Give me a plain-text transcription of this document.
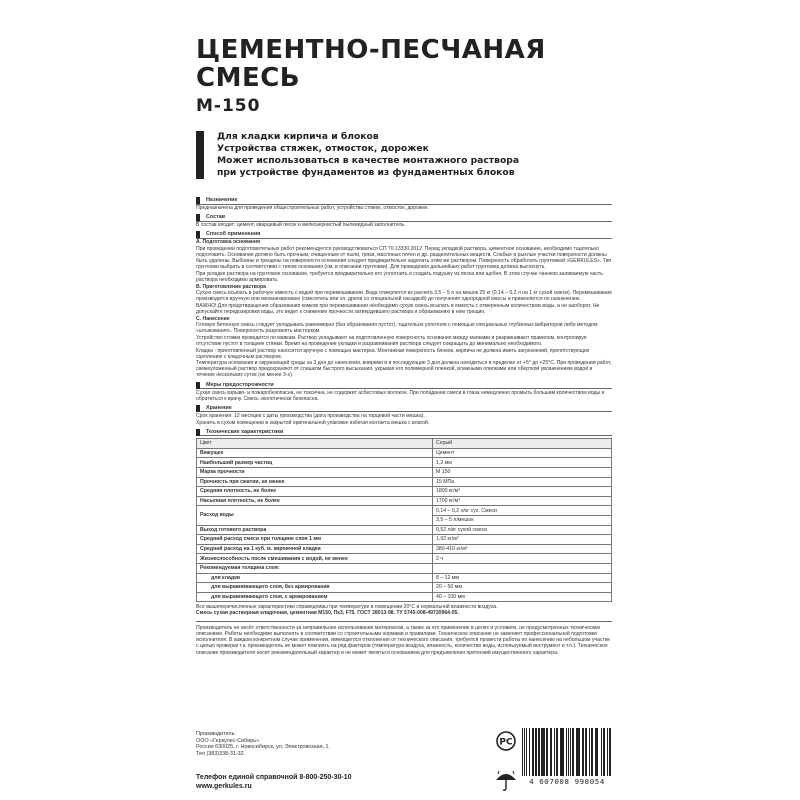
ЦЕМЕНТНО-ПЕСЧАНАЯ
СМЕСЬ
М-150
Для кладки кирпича и блоков
Устройства стяжек, отмосток, дорожек
Может использоваться в качестве монтажного раствора
при устройстве фундаментов из фундаментных блоков
Назначение
Предназначена для проведения общестроительных работ, устройства стяжек, отмосток, дорожек.
Состав
В состав входит: цемент, кварцевый песок и мелкозернистый пылевидный заполнитель.
Способ применения
А. Подготовка основания
При проведении подготовительных работ рекомендуется руководствоваться СП 70.13330.2012. Перед укладкой раствора, цементное основание, необходимо тщательно подготовить. Основание должно быть прочным, очищенным от пыли, грязи, масляных пятен и др. разделительных веществ. Слабые и рыхлые участки поверхности должны быть удалены. Выбоины и трещины на поверхности основания следует предварительно заделать этим же раствором. Поверхность обработать грунтовкой «GERKULES». Тип грунтовки выбрать в соответствии с типом основания (см. в описании грунтовки). Для проведения дальнейших работ грунтовка должна высохнуть.
При укладке раствора на грунтовое основание, требуется предварительно его уплотнить и создать подушку из песка или щебня. В этом случае чаннюю заливаемую часть раствора необходимо армировать.
B. Приготовление раствора
Сухую смесь всыпать в рабочую емкость с водой при перемешивании. Вода отмеряется из расчета 3,5 – 5 л на мешок 25 кг (0,14 – 0,2 л на 1 кг сухой смеси). Перемешивание производится вручную или механизировано (смеситель или эл. дрели со специальной насадкой) до получения однородной массы и применяется по назначению.
ВАЖНО! Для предотвращения образования комков при перемешивании необходимо сухую смесь всыпать в емкость с отмеренным количеством воды, а не наоборот. Не допускайте передозировки воды, это ведет к снижению прочности затвердевшего раствора и образованию в нем трещин.
С. Нанесение
Готовую бетонную смесь следует укладывать равномерно (без образования пустот), тщательно уплотняя с помощью специальных глубинных вибраторов либо методом «штыкования». Поверхность разровнять мастерком.
Устройство стяжки проводится по маякам. Раствор укладывают на подготовленную поверхность основания между маяками и разравнивают правилом, контролируя отсутствие пустот в толщине стяжки. Время на проведение укладки и разравнивания раствора следует сокращать до минимально необходимого.
Кладка - приготовленный раствор наносится вручную с помощью мастерка. Монтажная поверхность блоков, кирпича не должна иметь загрязнений, препятствующих сцеплению с кладочным раствором.
Температура основания и окружающей среды за 3 дня до нанесения, вовремя и в последующие 3 дня должна находиться в пределах от +5° до +25°С. При проведении работ, свежеуложенный раствор предохраняют от слишком быстрого высыхания, укрывая его полимерной пленкой, влажными опилками или оберткой увлажнением водой в течение нескольких суток (не менее 3-х).
Меры предосторожности
Сухая смесь взрыво- и пожаробезопасна, не токсична, не содержит асбестовых волокон. При попадании смеси в глаза немедленно промыть большим количеством воды и обратиться к врачу. Смесь экологически безопасна.
Хранение
Срок хранения: 12 месяцев с даты производства (дата производства на торцевой части мешка).
Хранить в сухом помещении в закрытой оригинальной упаковке избегая контакта мешка с влагой.
Технические характеристики
Цвет	Серый
Вяжущее	Цемент
Наибольший размер частиц	1,2 мм
Марка прочности	М 150
Прочность при сжатии, не менее	15 МПа
Средняя плотность, не более	1800 кг/м³
Насыпная плотность, не более	1700 кг/м³
Расход воды	0,14 – 0,2 л/кг сух. Смеси
	3,5 – 5 л/мешок
Выход готового раствора	0,52 л/кг сухой смеси
Средний расход смеси при толщине слоя 1 мм	1,92 кг/м²
Средний расход на 1 куб. м. кирпичной кладки	380-410 кг/м³
Жизнеспособность после смешивания с водой, не менее	2 ч
Рекомендуемая толщина слоя:	
для кладки	8 – 12 мм
для выравнивающего слоя, без армирования	20 – 50 мм
для выравнивающего слоя, с армированием	40 – 100 мм
Все вышеперечисленные характеристики справедливы при температуре в помещении 20°С и нормальной влажности воздуха.
Смесь сухая растворная кладочная, цементная М150, Пк3, F75. ГОСТ 28013-98. ТУ 5745-008-49720964-05.
Производитель не несёт ответственности за неправильное использование материалов, а также за его применение в целях и условиях, не предусмотренных техническим описанием. Работы необходимо выполнять в соответствии со строительными нормами и правилами. Техническое описание не заменяет профессиональной подготовки исполнителя. В каждом конкретном случае применения, имеющегося отклонения от технического описания, требуется провести работы по нанесению на небольшом участке с целью проверки т.к. производитель не может повлиять на ряд факторов (температура воздуха, влажность, количество воды, используемый инструмент и т.п.). Техническое описание производителя носит рекомендательный характер и не может являться основанием для предъявления претензий имущественного характера.
Производитель:
ООО «Геркулес-Сибирь»
Россия 630025, г. Новосибирск, ул. Электровозная, 1.
Тел (383)338-31-32.
Телефон единой справочной 8-800-250-30-10
www.gerkules.ru
РС

4 607008 998054
